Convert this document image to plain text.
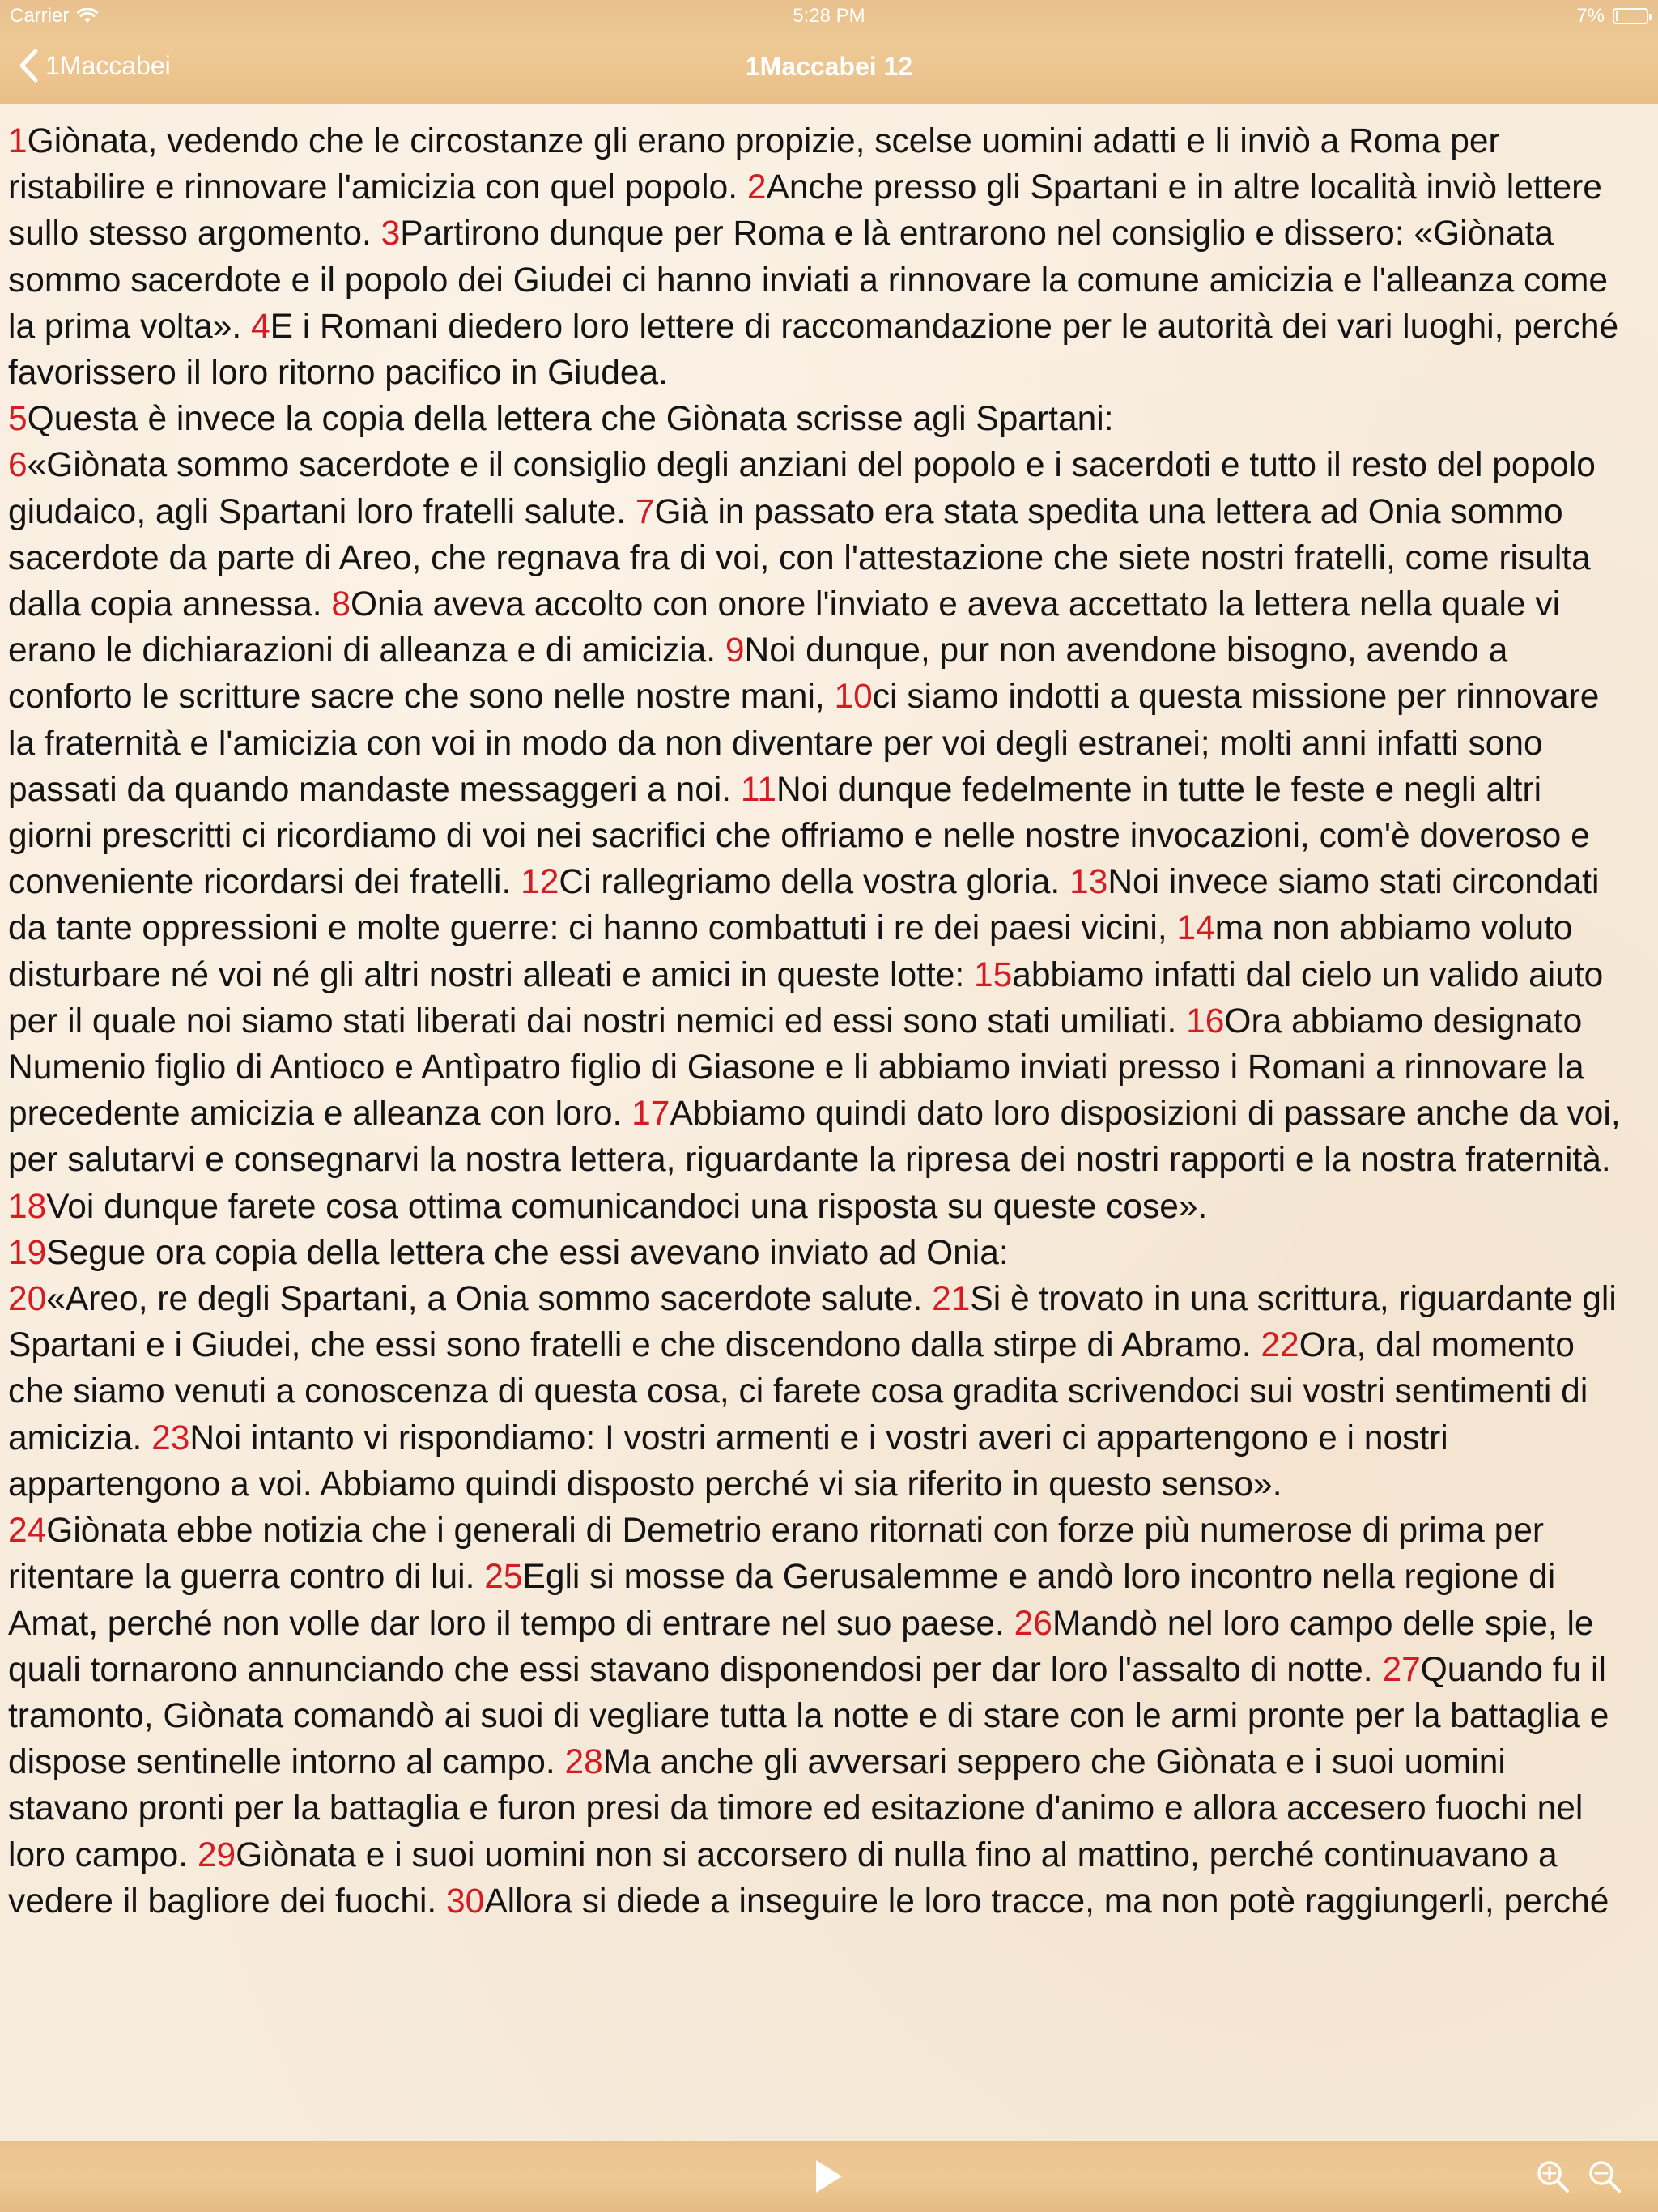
Carrier	5:28 PM	7%
1Maccabei	1Maccabei 12

1Giònata, vedendo che le circostanze gli erano propizie, scelse uomini adatti e li inviò a Roma per ristabilire e rinnovare l'amicizia con quel popolo. 2Anche presso gli Spartani e in altre località inviò lettere sullo stesso argomento. 3Partirono dunque per Roma e là entrarono nel consiglio e dissero: «Giònata sommo sacerdote e il popolo dei Giudei ci hanno inviati a rinnovare la comune amicizia e l'alleanza come la prima volta». 4E i Romani diedero loro lettere di raccomandazione per le autorità dei vari luoghi, perché favorissero il loro ritorno pacifico in Giudea.

5Questa è invece la copia della lettera che Giònata scrisse agli Spartani:

6«Giònata sommo sacerdote e il consiglio degli anziani del popolo e i sacerdoti e tutto il resto del popolo giudaico, agli Spartani loro fratelli salute. 7Già in passato era stata spedita una lettera ad Onia sommo sacerdote da parte di Areo, che regnava fra di voi, con l'attestazione che siete nostri fratelli, come risulta dalla copia annessa. 8Onia aveva accolto con onore l'inviato e aveva accettato la lettera nella quale vi erano le dichiarazioni di alleanza e di amicizia. 9Noi dunque, pur non avendone bisogno, avendo a conforto le scritture sacre che sono nelle nostre mani, 10ci siamo indotti a questa missione per rinnovare la fraternità e l'amicizia con voi in modo da non diventare per voi degli estranei; molti anni infatti sono passati da quando mandaste messaggeri a noi. 11Noi dunque fedelmente in tutte le feste e negli altri giorni prescritti ci ricordiamo di voi nei sacrifici che offriamo e nelle nostre invocazioni, com'è doveroso e conveniente ricordarsi dei fratelli. 12Ci rallegriamo della vostra gloria. 13Noi invece siamo stati circondati da tante oppressioni e molte guerre: ci hanno combattuti i re dei paesi vicini, 14ma non abbiamo voluto disturbare né voi né gli altri nostri alleati e amici in queste lotte: 15abbiamo infatti dal cielo un valido aiuto per il quale noi siamo stati liberati dai nostri nemici ed essi sono stati umiliati. 16Ora abbiamo designato Numenio figlio di Antioco e Antìpatro figlio di Giasone e li abbiamo inviati presso i Romani a rinnovare la precedente amicizia e alleanza con loro. 17Abbiamo quindi dato loro disposizioni di passare anche da voi, per salutarvi e consegnarvi la nostra lettera, riguardante la ripresa dei nostri rapporti e la nostra fraternità. 18Voi dunque farete cosa ottima comunicandoci una risposta su queste cose».

19Segue ora copia della lettera che essi avevano inviato ad Onia:

20«Areo, re degli Spartani, a Onia sommo sacerdote salute. 21Si è trovato in una scrittura, riguardante gli Spartani e i Giudei, che essi sono fratelli e che discendono dalla stirpe di Abramo. 22Ora, dal momento che siamo venuti a conoscenza di questa cosa, ci farete cosa gradita scrivendoci sui vostri sentimenti di amicizia. 23Noi intanto vi rispondiamo: I vostri armenti e i vostri averi ci appartengono e i nostri appartengono a voi. Abbiamo quindi disposto perché vi sia riferito in questo senso».

24Giònata ebbe notizia che i generali di Demetrio erano ritornati con forze più numerose di prima per ritentare la guerra contro di lui. 25Egli si mosse da Gerusalemme e andò loro incontro nella regione di Amat, perché non volle dar loro il tempo di entrare nel suo paese. 26Mandò nel loro campo delle spie, le quali tornarono annunciando che essi stavano disponendosi per dar loro l'assalto di notte. 27Quando fu il tramonto, Giònata comandò ai suoi di vegliare tutta la notte e di stare con le armi pronte per la battaglia e dispose sentinelle intorno al campo. 28Ma anche gli avversari seppero che Giònata e i suoi uomini stavano pronti per la battaglia e furon presi da timore ed esitazione d'animo e allora accesero fuochi nel loro campo. 29Giònata e i suoi uomini non si accorsero di nulla fino al mattino, perché continuavano a vedere il bagliore dei fuochi. 30Allora si diede a inseguire le loro tracce, ma non potè raggiungerli, perché
